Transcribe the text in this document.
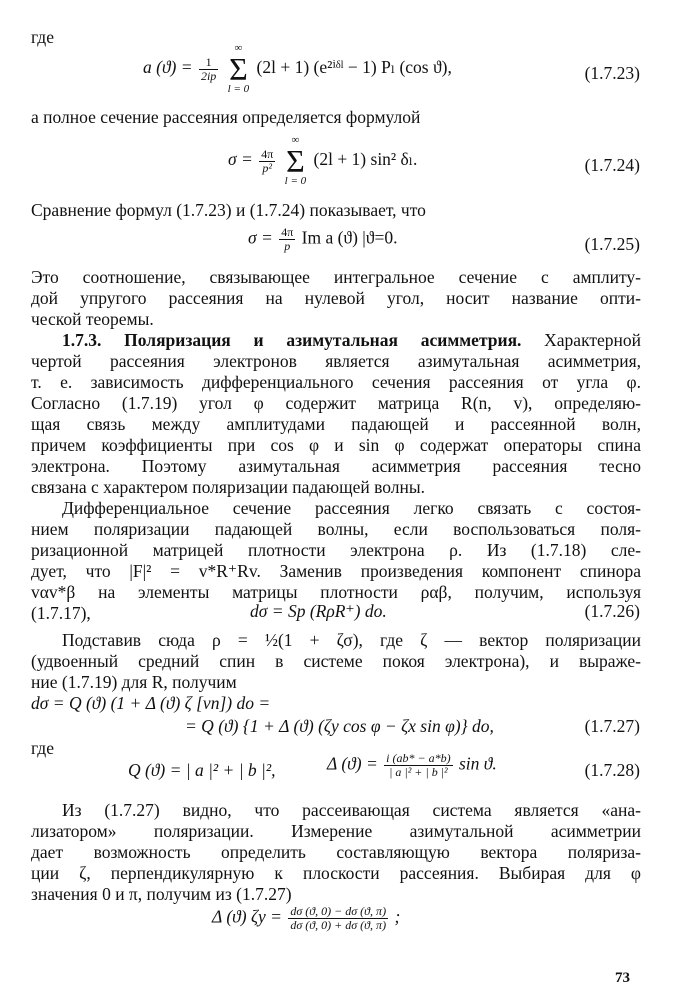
где
a $(ϑ) = \frac{1}{2ip}$

∞
Σ
l = 0
(2l + 1) (e²ⁱᵟˡ − 1) Pₗ (cos ϑ),	(1.7.23)
а полное сечение рассеяния определяется формулой
$\sigma = \frac{4\pi}{\text{p²}}$

∞
Σ
l = 0
(2l + 1) sin² δₗ.	(1.7.24)
Сравнение формул (1.7.23) и (1.7.24) показывает, что
$\sigma = \frac{4\pi}{p}$ Im a (ϑ) |ϑ=0.	(1.7.25)
Это соотношение, связывающее интегральное сечение с амплиту-
дой упругого рассеяния на нулевой угол, носит название опти-
ческой теоремы.
1.7.3. Поляризация и азимутальная асимметрия. Характерной
чертой рассеяния электронов является азимутальная асимметрия,
т. е. зависимость дифференциального сечения рассеяния от угла φ.
Согласно (1.7.19) угол φ содержит матрица R(n, v), определяю-
щая связь между амплитудами падающей и рассеянной волн,
причем коэффициенты при cos φ и sin φ содержат операторы спина
электрона. Поэтому азимутальная асимметрия рассеяния тесно
связана с характером поляризации падающей волны.
Дифференциальное сечение рассеяния легко связать с состоя-
нием поляризации падающей волны, если воспользоваться поля-
ризационной матрицей плотности электрона ρ. Из (1.7.18) сле-
дует, что |F|² = v*R⁺Rv. Заменив произведения компонент спинора
vαv*β на элементы матрицы плотности ραβ, получим, используя
(1.7.17),	dσ = Sp (RρR⁺) do.	(1.7.26)
Подставив сюда ρ = ½(1 + ζσ), где ζ — вектор поляризации
(удвоенный средний спин в системе покоя электрона), и выраже-
ние (1.7.19) для R, получим
dσ = Q (ϑ) (1 + Δ (ϑ) ζ [vn]) do =
= Q (ϑ) {1 + Δ (ϑ) (ζy cos φ − ζx sin φ)} do,	(1.7.27)
где
Q (ϑ) = | a |² + | b |²,	Δ $(ϑ) = \frac{i (ab* - a*b)}{\text{| a |² + | b |²}}$ sin ϑ.	(1.7.28)
Из (1.7.27) видно, что рассеивающая система является «ана-
лизатором» поляризации. Измерение азимутальной асимметрии
дает возможность определить составляющую вектора поляриза-
ции ζ, перпендикулярную к плоскости рассеяния. Выбирая для φ
значения 0 и π, получим из (1.7.27)
Δ (ϑ) $\zeta y = \frac{d\sigma (ϑ, 0) - d\sigma (ϑ, \pi)}{d\sigma (ϑ, 0) + d\sigma (ϑ, \pi)}$ ;
73
